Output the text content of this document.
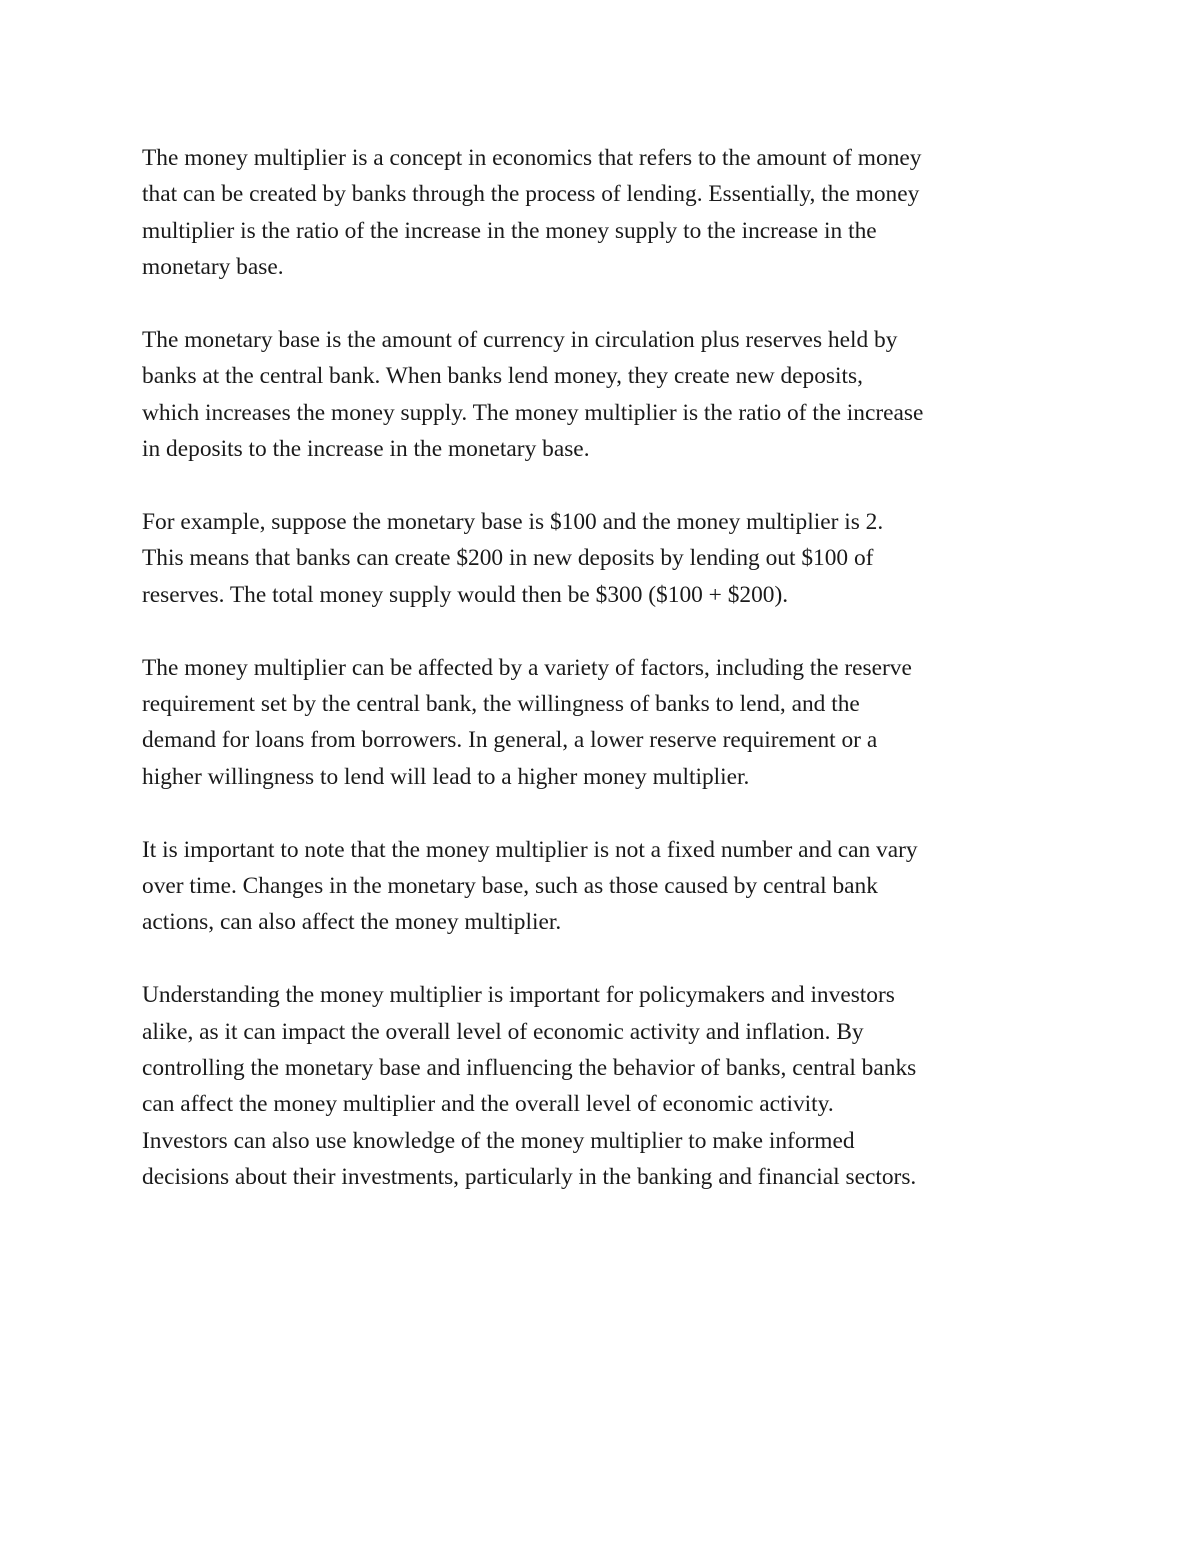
The money multiplier is a concept in economics that refers to the amount of money
that can be created by banks through the process of lending. Essentially, the money
multiplier is the ratio of the increase in the money supply to the increase in the
monetary base.

The monetary base is the amount of currency in circulation plus reserves held by
banks at the central bank. When banks lend money, they create new deposits,
which increases the money supply. The money multiplier is the ratio of the increase
in deposits to the increase in the monetary base.

For example, suppose the monetary base is $100 and the money multiplier is 2.
This means that banks can create $200 in new deposits by lending out $100 of
reserves. The total money supply would then be $300 ($100 + $200).

The money multiplier can be affected by a variety of factors, including the reserve
requirement set by the central bank, the willingness of banks to lend, and the
demand for loans from borrowers. In general, a lower reserve requirement or a
higher willingness to lend will lead to a higher money multiplier.

It is important to note that the money multiplier is not a fixed number and can vary
over time. Changes in the monetary base, such as those caused by central bank
actions, can also affect the money multiplier.

Understanding the money multiplier is important for policymakers and investors
alike, as it can impact the overall level of economic activity and inflation. By
controlling the monetary base and influencing the behavior of banks, central banks
can affect the money multiplier and the overall level of economic activity.
Investors can also use knowledge of the money multiplier to make informed
decisions about their investments, particularly in the banking and financial sectors.
